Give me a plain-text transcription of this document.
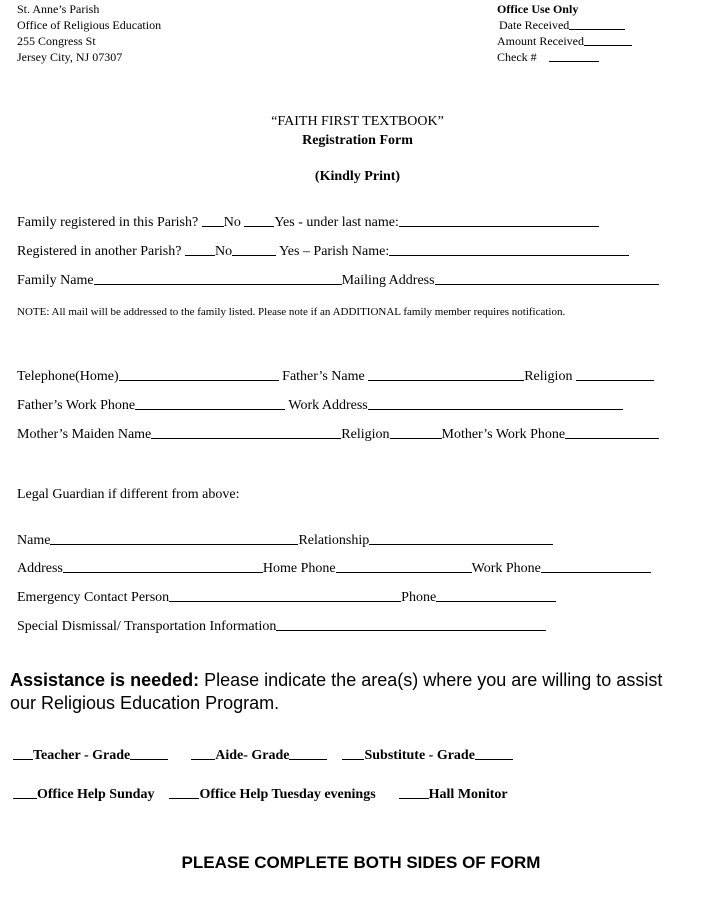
St. Anne’s Parish
Office of Religious Education
255 Congress St
Jersey City, NJ 07307
Office Use Only
Date Received
Amount Received
Check #
“FAITH FIRST TEXTBOOK”
Registration Form
(Kindly Print)
Family registered in this Parish? No Yes - under last name:
Registered in another Parish? No	Yes – Parish Name:
Family Name	Mailing Address
NOTE: All mail will be addressed to the family listed. Please note if an ADDITIONAL family member requires notification.
Telephone(Home)	Father’s Name	Religion
Father’s Work Phone	Work Address
Mother’s Maiden Name	Religion	Mother’s Work Phone
Legal Guardian if different from above:
Name	Relationship
Address	Home Phone	Work Phone
Emergency Contact Person	Phone
Special Dismissal/ Transportation Information
Assistance is needed: Please indicate the area(s) where you are willing to assist
our Religious Education Program.
Teacher - Grade	Aide- Grade	Substitute - Grade
Office Help Sunday	Office Help Tuesday evenings	Hall Monitor
PLEASE COMPLETE BOTH SIDES OF FORM
